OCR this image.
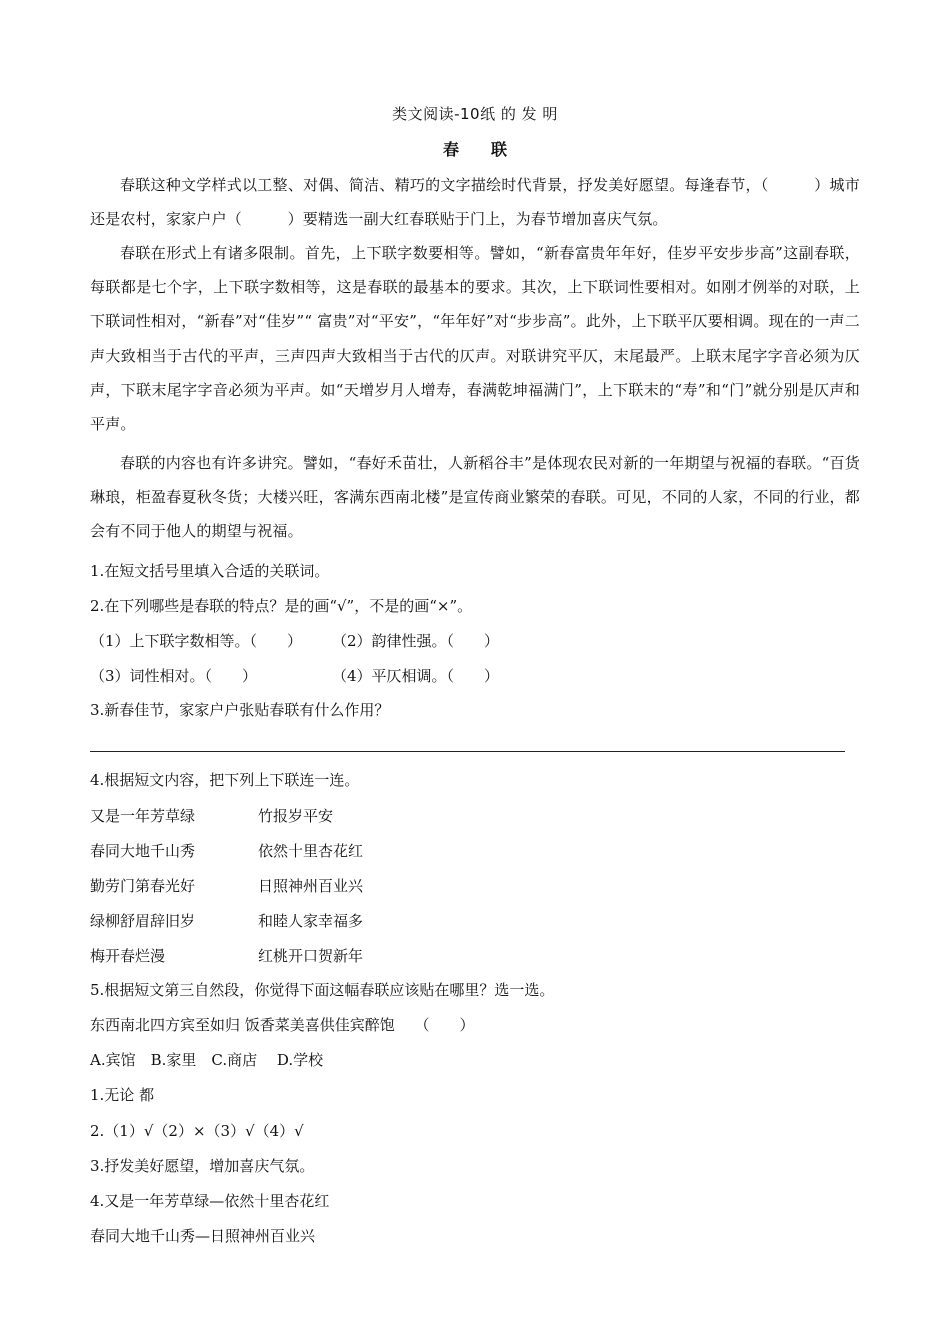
类文阅读-10纸 的 发 明
春　　联
春联这种文学样式以工整、对偶、简洁、精巧的文字描绘时代背景，抒发美好愿望。每逢春节，（　　　）城市还是农村，家家户户（　　　）要精选一副大红春联贴于门上，为春节增加喜庆气氛。
春联在形式上有诸多限制。首先，上下联字数要相等。譬如，“新春富贵年年好，佳岁平安步步高”这副春联，每联都是七个字，上下联字数相等，这是春联的最基本的要求。其次，上下联词性要相对。如刚才例举的对联，上下联词性相对，“新春”对“佳岁”“ 富贵”对“平安”，“年年好”对“步步高”。此外，上下联平仄要相调。现在的一声二声大致相当于古代的平声，三声四声大致相当于古代的仄声。对联讲究平仄，末尾最严。上联末尾字字音必须为仄声，下联末尾字字音必须为平声。如“天增岁月人增寿，春满乾坤福满门”，上下联末的“寿”和“门”就分别是仄声和平声。
春联的内容也有许多讲究。譬如，“春好禾苗壮，人新稻谷丰”是体现农民对新的一年期望与祝福的春联。“百货琳琅，柜盈春夏秋冬货；大楼兴旺，客满东西南北楼”是宣传商业繁荣的春联。可见，不同的人家，不同的行业，都会有不同于他人的期望与祝福。
1.在短文括号里填入合适的关联词。
2.在下列哪些是春联的特点？是的画“√”，不是的画“×”。
（1）上下联字数相等。（　　） （2）韵律性强。（　　）
（3）词性相对。（　　）	（4）平仄相调。（　　）
3.新春佳节，家家户户张贴春联有什么作用？
4.根据短文内容，把下列上下联连一连。
又是一年芳草绿	竹报岁平安
春同大地千山秀	依然十里杏花红
勤劳门第春光好	日照神州百业兴
绿柳舒眉辞旧岁	和睦人家幸福多
梅开春烂漫	红桃开口贺新年
5.根据短文第三自然段，你觉得下面这幅春联应该贴在哪里？选一选。
东西南北四方宾至如归 饭香菜美喜供佳宾醉饱　 （　　）
A.宾馆　B.家里　C.商店　 D.学校
1.无论 都
2.（1）√（2）×（3）√（4）√
3.抒发美好愿望，增加喜庆气氛。
4.又是一年芳草绿—依然十里杏花红
春同大地千山秀—日照神州百业兴
